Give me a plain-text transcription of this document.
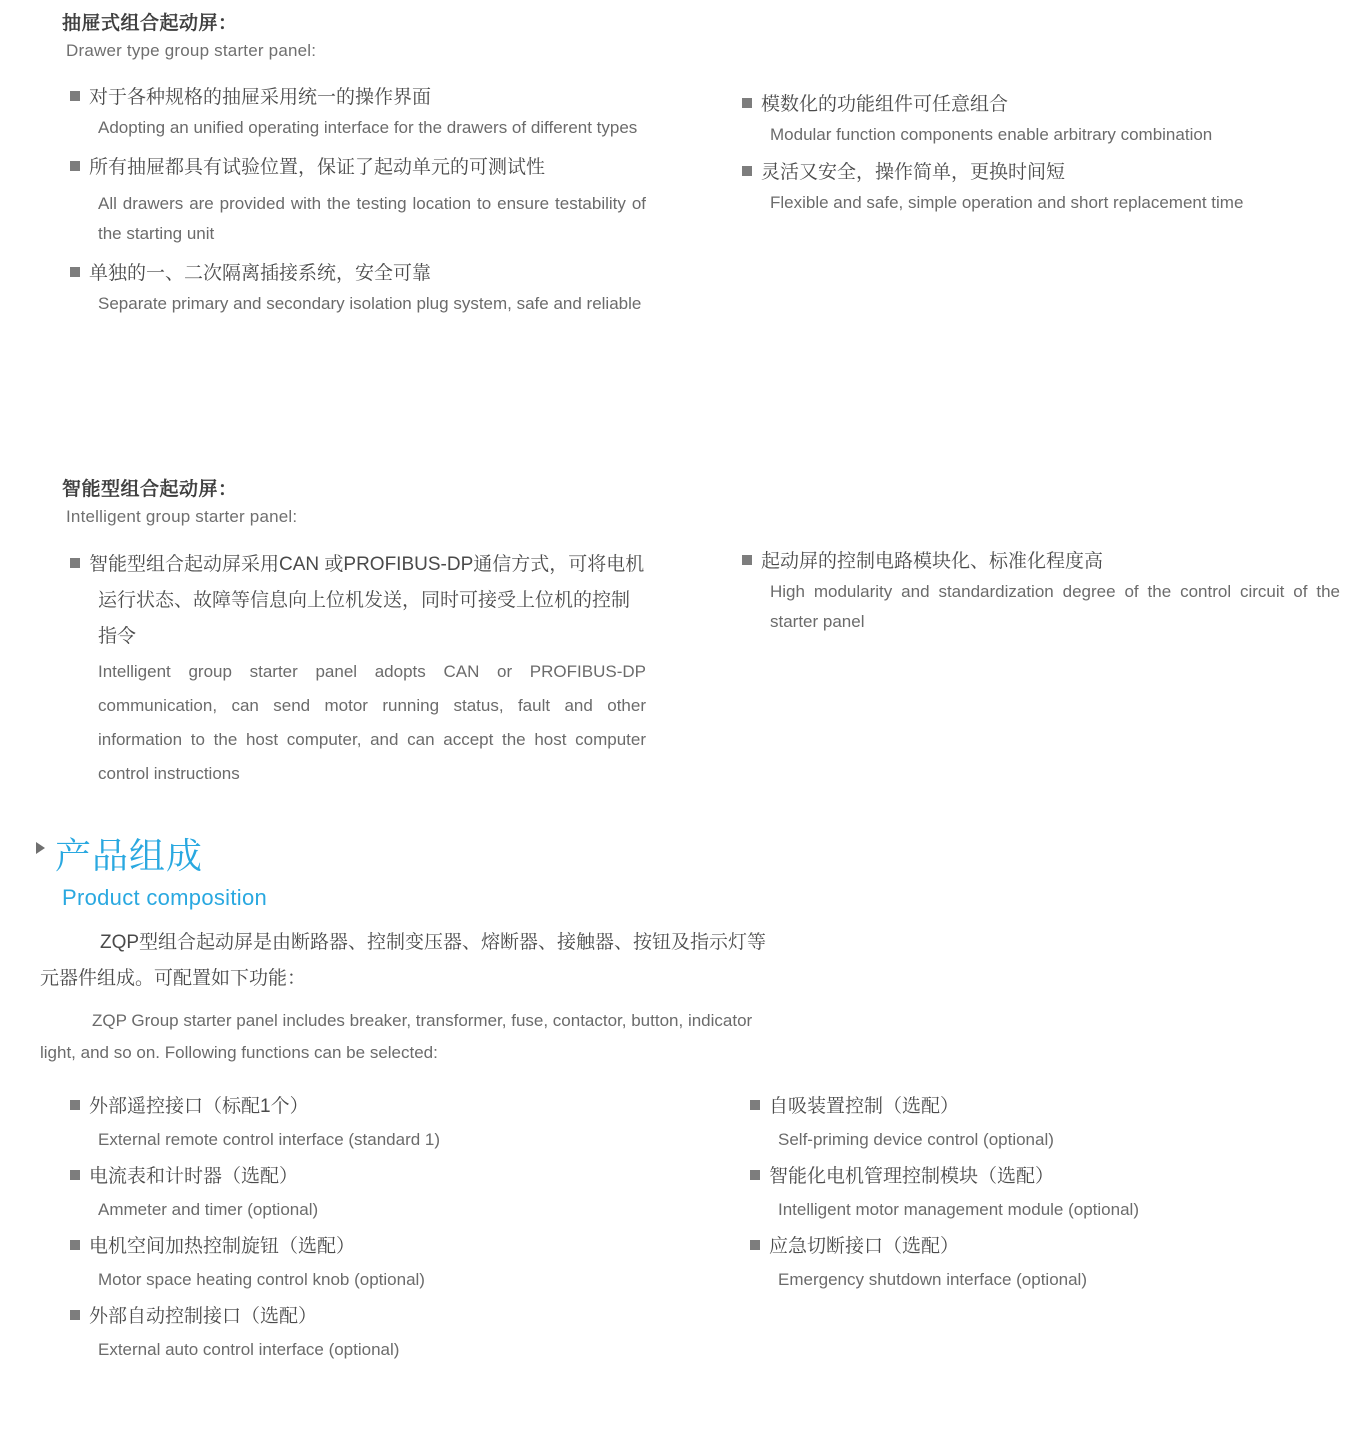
抽屉式组合起动屏：
Drawer type group starter panel:
对于各种规格的抽屉采用统一的操作界面
Adopting an unified operating interface for the drawers of different types
所有抽屉都具有试验位置，保证了起动单元的可测试性
All drawers are provided with the testing location to ensure testability of the starting unit
单独的一、二次隔离插接系统，安全可靠
Separate primary and secondary isolation plug system, safe and reliable
模数化的功能组件可任意组合
Modular function components enable arbitrary combination
灵活又安全，操作简单，更换时间短
Flexible and safe, simple operation and short replacement time
智能型组合起动屏：
Intelligent group starter panel:
智能型组合起动屏采用CAN 或PROFIBUS-DP通信方式，可将电机运行状态、故障等信息向上位机发送，同时可接受上位机的控制指令
Intelligent group starter panel adopts CAN or PROFIBUS-DP communication, can send motor running status, fault and other information to the host computer, and can accept the host computer control instructions
起动屏的控制电路模块化、标准化程度高
High modularity and standardization degree of the control circuit of the starter panel
产品组成
Product composition
ZQP型组合起动屏是由断路器、控制变压器、熔断器、接触器、按钮及指示灯等
元器件组成。可配置如下功能：
ZQP Group starter panel includes breaker, transformer, fuse, contactor, button, indicator
light, and so on. Following functions can be selected:
外部遥控接口（标配1个）
External remote control interface (standard 1)
电流表和计时器（选配）
Ammeter and timer (optional)
电机空间加热控制旋钮（选配）
Motor space heating control knob (optional)
外部自动控制接口（选配）
External auto control interface (optional)
自吸装置控制（选配）
Self-priming device control (optional)
智能化电机管理控制模块（选配）
Intelligent motor management module (optional)
应急切断接口（选配）
Emergency shutdown interface (optional)
